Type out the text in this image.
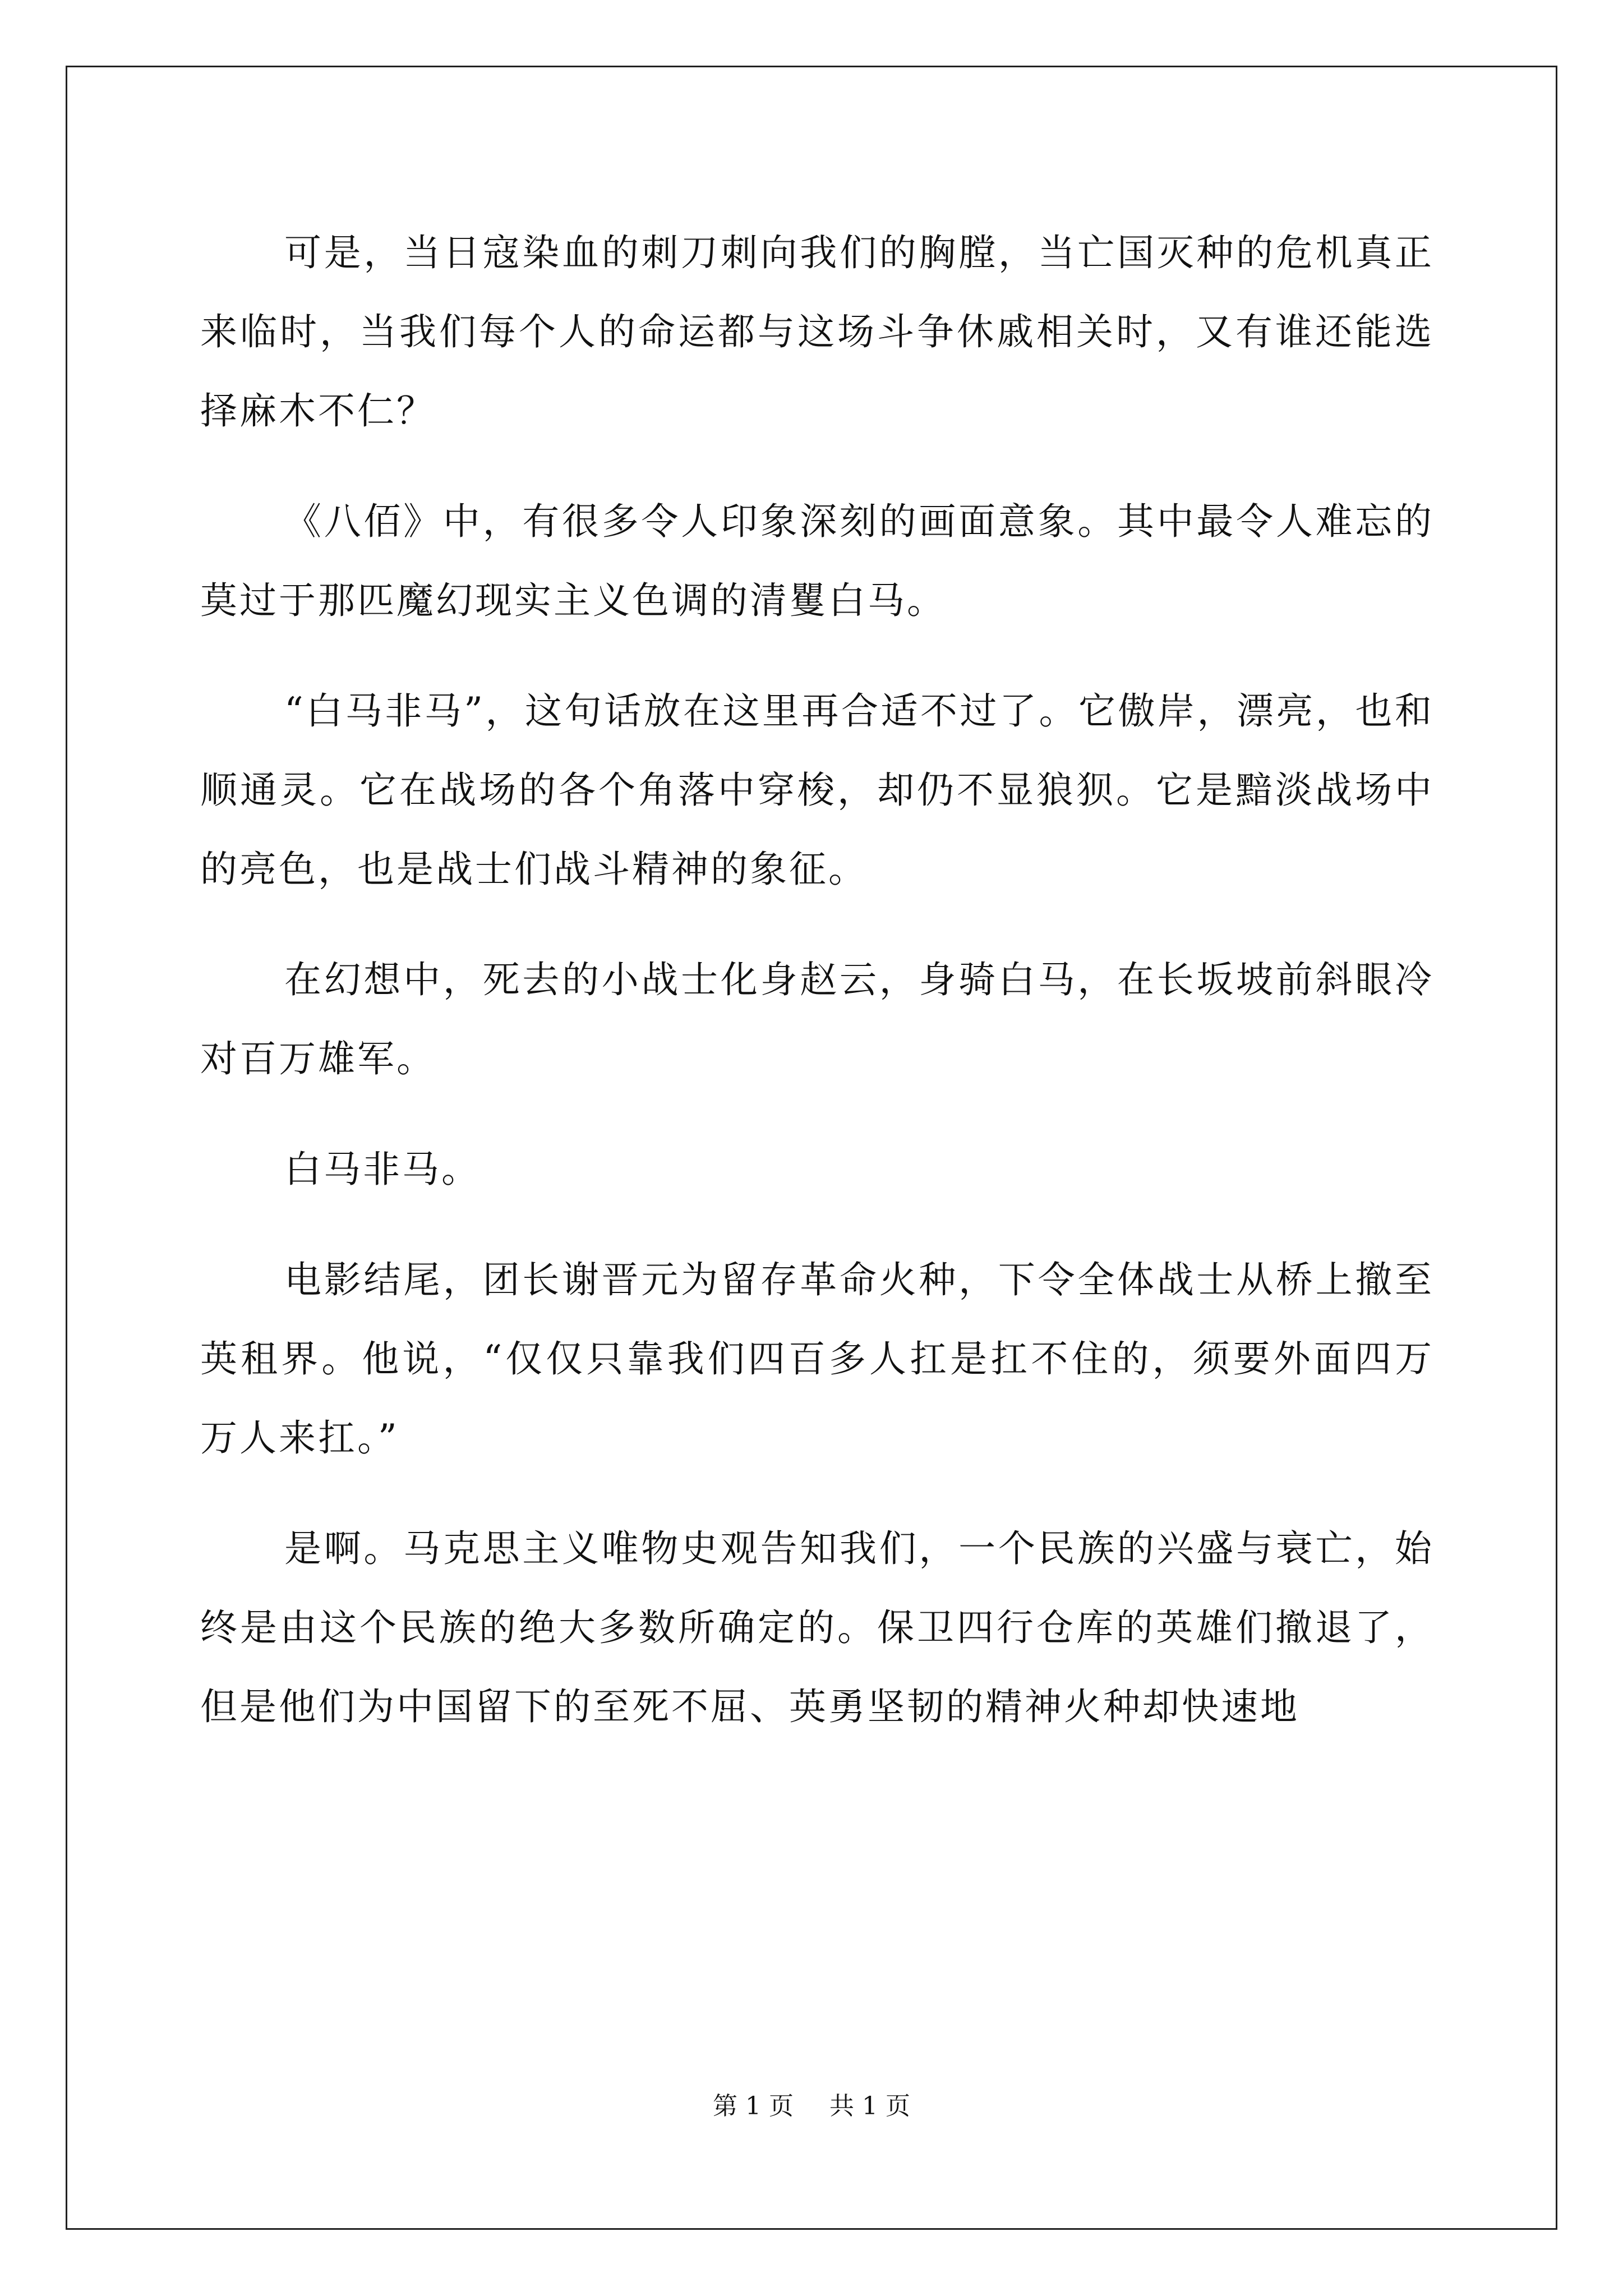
可是，当日寇染血的刺刀刺向我们的胸膛，当亡国灭种的危机真正来临时，当我们每个人的命运都与这场斗争休戚相关时，又有谁还能选择麻木不仁？

《八佰》中，有很多令人印象深刻的画面意象。其中最令人难忘的莫过于那匹魔幻现实主义色调的清矍白马。

“白马非马”，这句话放在这里再合适不过了。它傲岸，漂亮，也和顺通灵。它在战场的各个角落中穿梭，却仍不显狼狈。它是黯淡战场中的亮色，也是战士们战斗精神的象征。

在幻想中，死去的小战士化身赵云，身骑白马，在长坂坡前斜眼冷对百万雄军。

白马非马。

电影结尾，团长谢晋元为留存革命火种，下令全体战士从桥上撤至英租界。他说，“仅仅只靠我们四百多人扛是扛不住的，须要外面四万万人来扛。”

是啊。马克思主义唯物史观告知我们，一个民族的兴盛与衰亡，始终是由这个民族的绝大多数所确定的。保卫四行仓库的英雄们撤退了，但是他们为中国留下的至死不屈、英勇坚韧的精神火种却快速地

第 1 页 共 1 页
